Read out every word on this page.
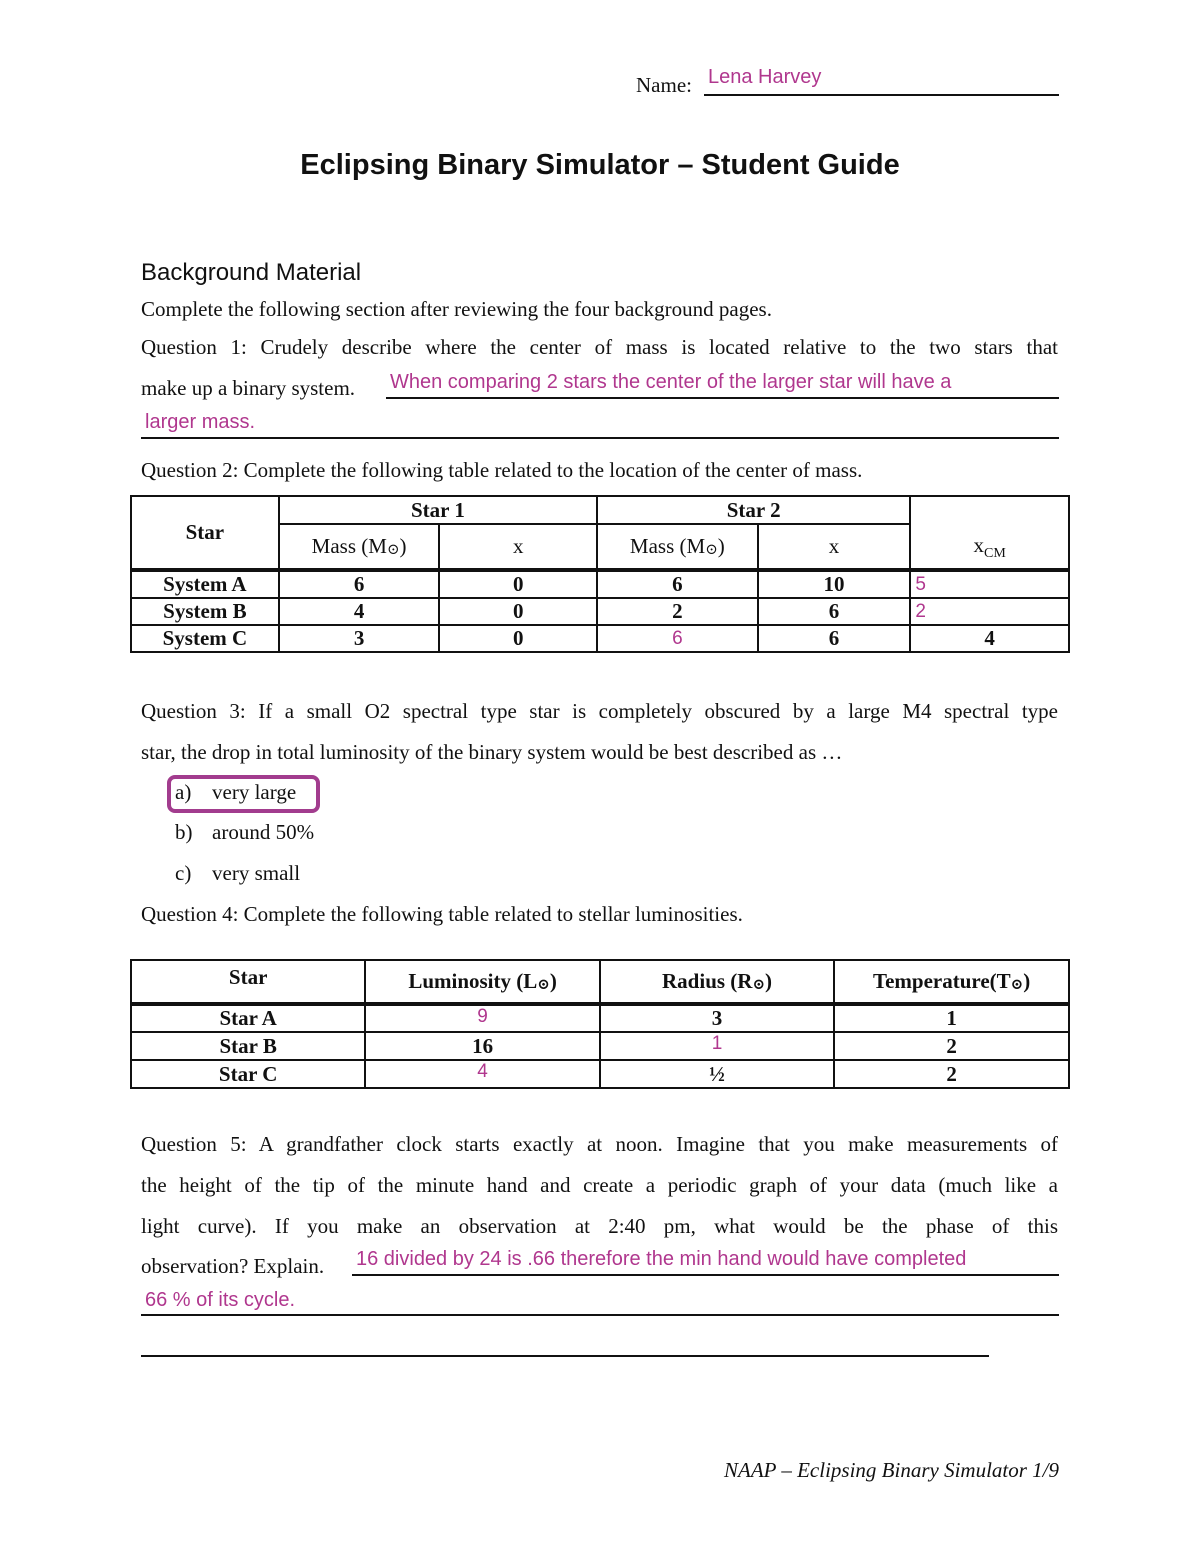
Name: Lena Harvey
Eclipsing Binary Simulator – Student Guide
Background Material
Complete the following section after reviewing the four background pages.
Question 1: Crudely describe where the center of mass is located relative to the two stars that
make up a binary system. When comparing 2 stars the center of the larger star will have a
larger mass.
Question 2: Complete the following table related to the location of the center of mass.
Star	Star 1		Star 2		$x_{CM}$
	Mass (M⊙)	x	Mass (M⊙)	x	
System A	6	0	6	10	5
System B	4	0	2	6	2
System C	3	0	6	6	4
Question 3: If a small O2 spectral type star is completely obscured by a large M4 spectral type
star, the drop in total luminosity of the binary system would be best described as …
a) very large
b) around 50%
c) very small
Question 4: Complete the following table related to stellar luminosities.
Star	Luminosity (L⊙)	Radius (R⊙)	Temperature(T⊙)
Star A	9	3	1
Star B	16	1	2
Star C	4	½	2
Question 5: A grandfather clock starts exactly at noon. Imagine that you make measurements of
the height of the tip of the minute hand and create a periodic graph of your data (much like a
light curve). If you make an observation at 2:40 pm, what would be the phase of this
observation? Explain. 16 divided by 24 is .66 therefore the min hand would have completed
66 % of its cycle.
NAAP – Eclipsing Binary Simulator 1/9
